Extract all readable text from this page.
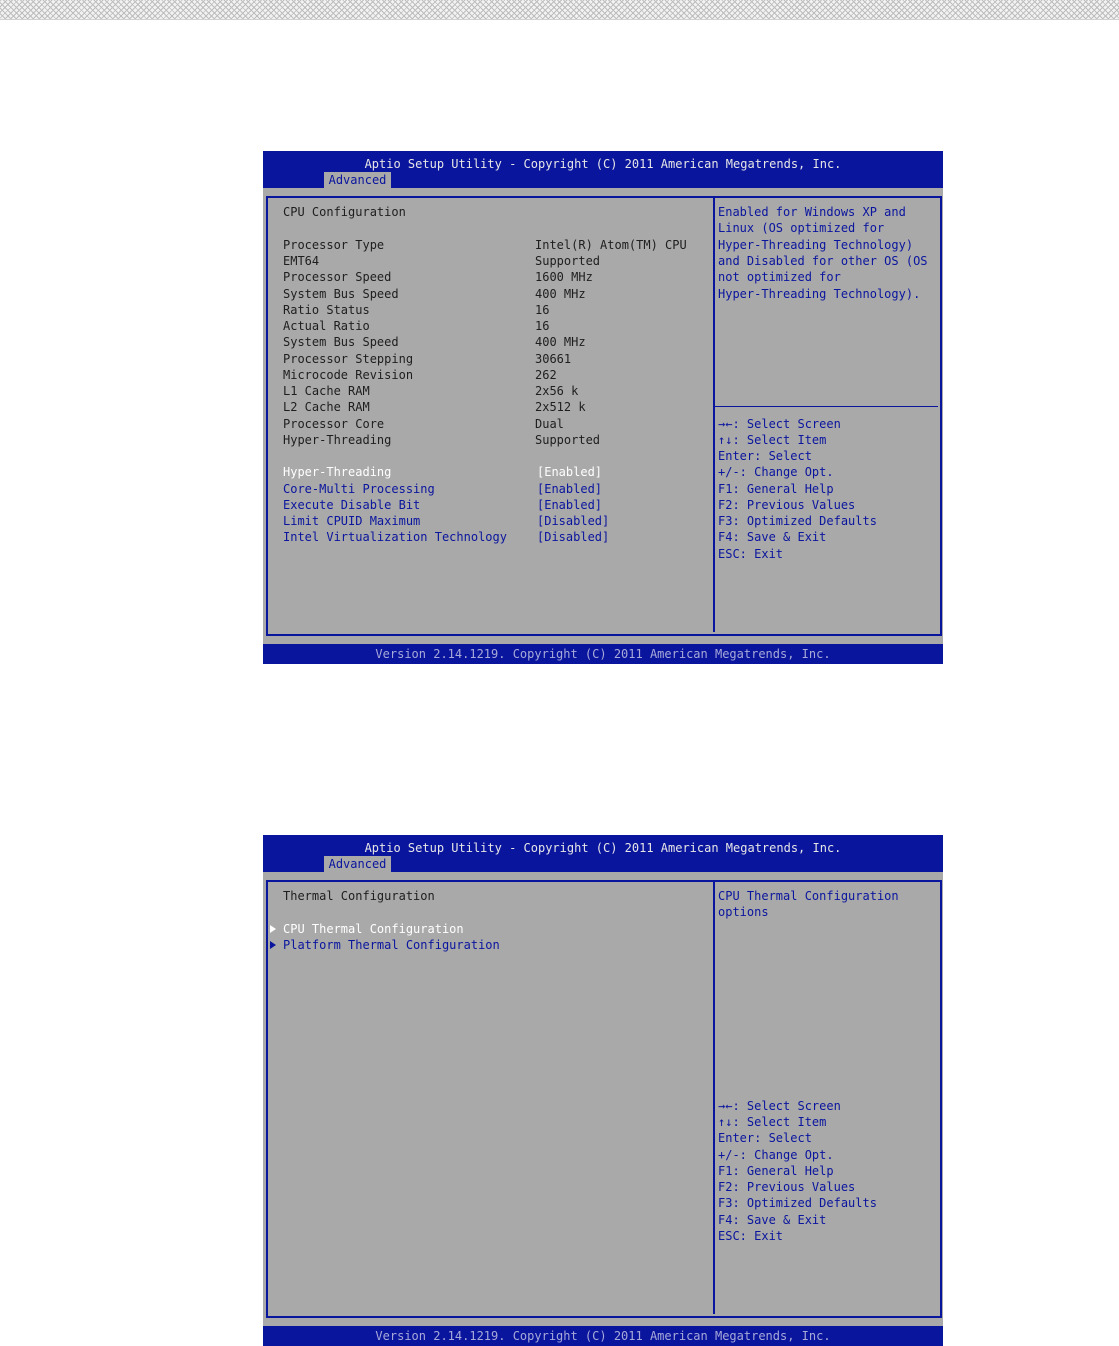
Aptio Setup Utility - Copyright (C) 2011 American Megatrends, Inc.
Advanced
CPU Configuration
Processor Type	Intel(R) Atom(TM) CPU
EMT64	Supported
Processor Speed	1600 MHz
System Bus Speed	400 MHz
Ratio Status	16
Actual Ratio	16
System Bus Speed	400 MHz
Processor Stepping	30661
Microcode Revision	262
L1 Cache RAM	2x56 k
L2 Cache RAM	2x512 k
Processor Core	Dual
Hyper-Threading	Supported
Hyper-Threading	[Enabled]
Core-Multi Processing	[Enabled]
Execute Disable Bit	[Enabled]
Limit CPUID Maximum	[Disabled]
Intel Virtualization Technology	[Disabled]
Enabled for Windows XP and
Linux (OS optimized for
Hyper-Threading Technology)
and Disabled for other OS (OS
not optimized for
Hyper-Threading Technology).
→←: Select Screen
↑↓: Select Item
Enter: Select
+/-: Change Opt.
F1: General Help
F2: Previous Values
F3: Optimized Defaults
F4: Save & Exit
ESC: Exit
Version 2.14.1219. Copyright (C) 2011 American Megatrends, Inc.
Aptio Setup Utility - Copyright (C) 2011 American Megatrends, Inc.
Advanced
Thermal Configuration
CPU Thermal Configuration
Platform Thermal Configuration
CPU Thermal Configuration
options
→←: Select Screen
↑↓: Select Item
Enter: Select
+/-: Change Opt.
F1: General Help
F2: Previous Values
F3: Optimized Defaults
F4: Save & Exit
ESC: Exit
Version 2.14.1219. Copyright (C) 2011 American Megatrends, Inc.
